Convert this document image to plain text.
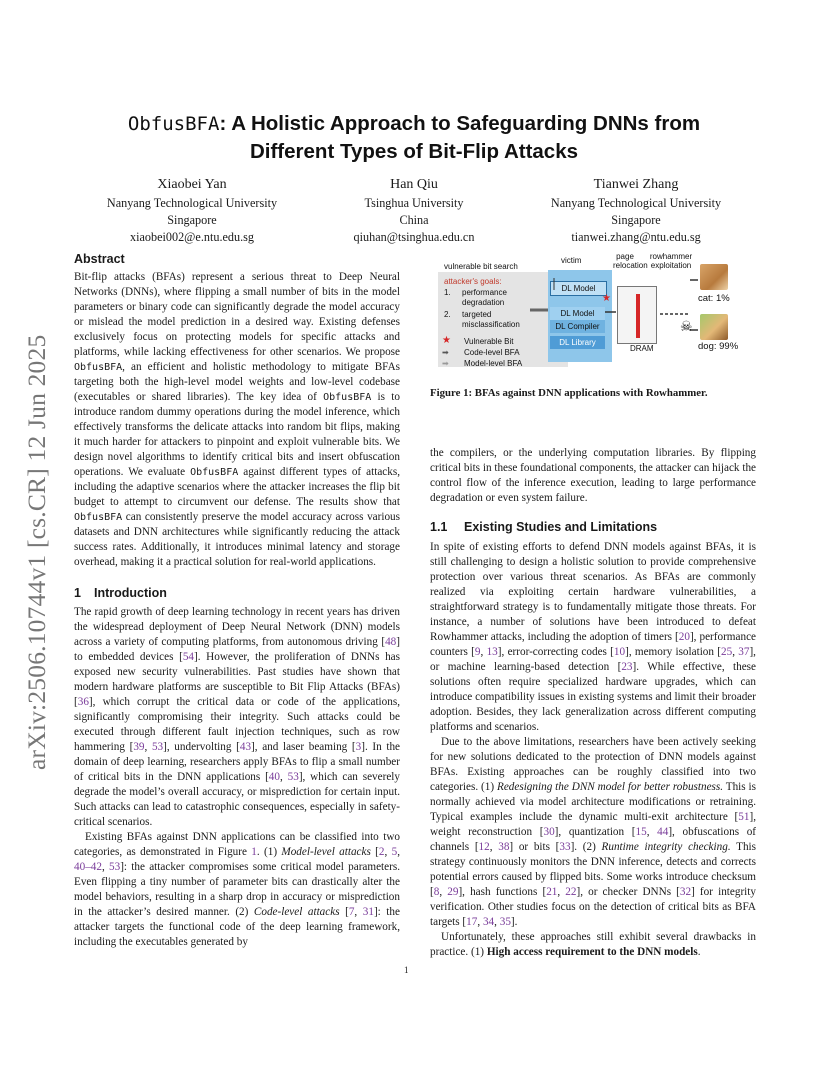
arXiv:2506.10744v1 [cs.CR] 12 Jun 2025
ObfusBFA: A Holistic Approach to Safeguarding DNNs from
Different Types of Bit-Flip Attacks
Xiaobei Yan
Nanyang Technological University
Singapore
xiaobei002@e.ntu.edu.sg
Han Qiu
Tsinghua University
China
qiuhan@tsinghua.edu.cn
Tianwei Zhang
Nanyang Technological University
Singapore
tianwei.zhang@ntu.edu.sg
Abstract

Bit-flip attacks (BFAs) represent a serious threat to Deep Neural Networks (DNNs), where flipping a small number of bits in the model parameters or binary code can significantly degrade the model accuracy or mislead the model prediction in a desired way. Existing defenses exclusively focus on protecting models for specific attacks and platforms, while lacking effectiveness for other scenarios. We propose ObfusBFA, an efficient and holistic methodology to mitigate BFAs targeting both the high-level model weights and low-level codebase (executables or shared libraries). The key idea of ObfusBFA is to introduce random dummy operations during the model inference, which effectively transforms the delicate attacks into random bit flips, making it much harder for attackers to pinpoint and exploit vulnerable bits. We design novel algorithms to identify critical bits and insert obfuscation operations. We evaluate ObfusBFA against different types of attacks, including the adaptive scenarios where the attacker increases the flip bit budget to attempt to circumvent our defense. The results show that ObfusBFA can consistently preserve the model accuracy across various datasets and DNN architectures while significantly reducing the attack success rates. Additionally, it introduces minimal latency and storage overhead, making it a practical solution for real-world applications.

1 Introduction

The rapid growth of deep learning technology in recent years has driven the widespread deployment of Deep Neural Network (DNN) models across a variety of computing platforms, from autonomous driving [48] to embedded devices [54]. However, the proliferation of DNNs has exposed new security vulnerabilities. Past studies have shown that modern hardware platforms are susceptible to Bit Flip Attacks (BFAs) [36], which corrupt the critical data or code of the applications, significantly compromising their integrity. Such attacks could be executed through different fault injection techniques, such as row hammering [39, 53], undervolting [43], and laser beaming [3]. In the domain of deep learning, researchers apply BFAs to flip a small number of critical bits in the DNN applications [40, 53], which can severely degrade the model’s overall accuracy, or misprediction for certain input. Such attacks can lead to catastrophic consequences, especially in safety-critical scenarios.

Existing BFAs against DNN applications can be classified into two categories, as demonstrated in Figure 1. (1) Model-level attacks [2, 5, 40–42, 53]: the attacker compromises some critical model parameters. Even flipping a tiny number of parameter bits can drastically alter the model behaviors, resulting in a sharp drop in accuracy or misprediction in the attacker’s desired manner. (2) Code-level attacks [7, 31]: the attacker targets the functional code of the deep learning framework, including the executables generated by

vulnerable bit search
victim	page
relocation
rowhammer
exploitation
attacker's goals:
1. performance
degradation
2. targeted
misclassification
DL Model
DL Model
DL Compiler
DL Library
★ Vulnerable Bit
➡ Code-level BFA
➡ Model-level BFA
★
DRAM
☠
cat: 1%
dog: 99%
Figure 1: BFAs against DNN applications with Rowhammer.

the compilers, or the underlying computation libraries. By flipping critical bits in these foundational components, the attacker can hijack the control flow of the inference execution, leading to large performance degradation or even system failure.

1.1 Existing Studies and Limitations

In spite of existing efforts to defend DNN models against BFAs, it is still challenging to design a holistic solution to provide comprehensive protection over various threat scenarios. As BFAs are commonly realized via exploiting certain hardware vulnerabilities, a straightforward strategy is to fundamentally mitigate those threats. For instance, a number of solutions have been introduced to defeat Rowhammer attacks, including the adoption of timers [20], performance counters [9, 13], error-correcting codes [10], memory isolation [25, 37], or machine learning-based detection [23]. While effective, these solutions often require specialized hardware upgrades, which can introduce compatibility issues in existing systems and limit their broader adoption. Besides, they lack generalization across different computing platforms and scenarios.

Due to the above limitations, researchers have been actively seeking for new solutions dedicated to the protection of DNN models against BFAs. Existing approaches can be roughly classified into two categories. (1) Redesigning the DNN model for better robustness. This is normally achieved via model architecture modifications or retraining. Typical examples include the dynamic multi-exit architecture [51], weight reconstruction [30], quantization [15, 44], obfuscations of channels [12, 38] or bits [33]. (2) Runtime integrity checking. This strategy continuously monitors the DNN inference, detects and corrects potential errors caused by flipped bits. Some works introduce checksum [8, 29], hash functions [21, 22], or checker DNNs [32] for integrity verification. Other studies focus on the detection of critical bits as BFA targets [17, 34, 35].

Unfortunately, these approaches still exhibit several drawbacks in practice. (1) High access requirement to the DNN models.

1
